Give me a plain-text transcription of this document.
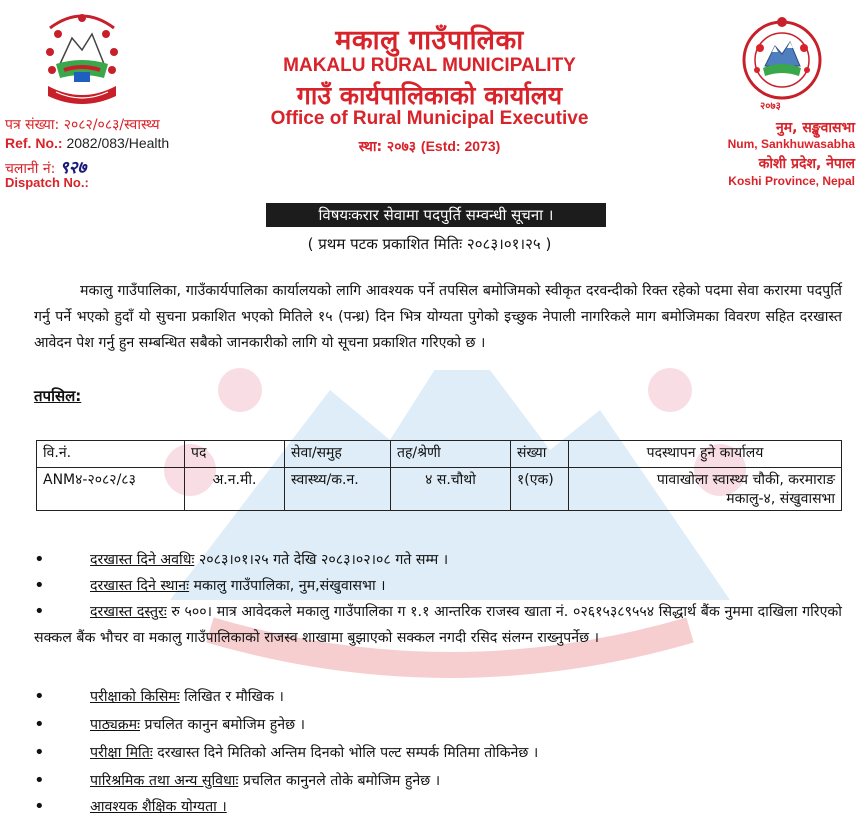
२०७३
मकालु गाउँपालिका
MAKALU RURAL MUNICIPALITY
गाउँ कार्यपालिकाको कार्यालय
Office of Rural Municipal Executive
स्था: २०७३ (Estd: 2073)
पत्र संख्या: २०८२/०८३/स्वास्थ्य
Ref. No.: 2082/083/Health
चलानी नं: ९२७
Dispatch No.:
नुम, सङ्खुवासभा
Num, Sankhuwasabha
कोशी प्रदेश, नेपाल
Koshi Province, Nepal
विषयःकरार सेवामा पदपुर्ति सम्वन्धी सूचना ।
( प्रथम पटक प्रकाशित मितिः २०८३।०१।२५ )
मकालु गाउँपालिका, गाउँकार्यपालिका कार्यालयको लागि आवश्यक पर्ने तपसिल बमोजिमको स्वीकृत दरवन्दीको रिक्त रहेको पदमा सेवा करारमा पदपुर्ति गर्नु पर्ने भएको हुदाँ यो सुचना प्रकाशित भएको मितिले १५ (पन्ध्र) दिन भित्र योग्यता पुगेको इच्छुक नेपाली नागरिकले माग बमोजिमका विवरण सहित दरखास्त आवेदन पेश गर्नु हुन सम्बन्धित सबैको जानकारीको लागि यो सूचना प्रकाशित गरिएको छ ।
तपसिल:
वि.नं.	पद	सेवा/समुह	तह/श्रेणी	संख्या	पदस्थापन हुने कार्यालय
ANM४-२०८२/८३	अ.न.मी.	स्वास्थ्य/क.न.	४ स.चौथो	१(एक)	पावाखोला स्वास्थ्य चौकी, करमाराङ
मकालु-४, संखुवासभा
•	दरखास्त दिने अवधिः २०८३।०१।२५ गते देखि २०८३।०२।०८ गते सम्म ।
•	दरखास्त दिने स्थानः मकालु गाउँपालिका, नुम,संखुवासभा ।
•	दरखास्त दस्तुरः रु ५००। मात्र आवेदकले मकालु गाउँपालिका ग १.१ आन्तरिक राजस्व खाता नं. ०२६१५३८९५५४ सिद्धार्थ बैंक नुममा दाखिला गरिएको सक्कल बैंक भौचर वा मकालु गाउँपालिकाको राजस्व शाखामा बुझाएको सक्कल नगदी रसिद संलग्न राख्नुपर्नेछ ।
•	परीक्षाको किसिमः लिखित र मौखिक ।
•	पाठ्यक्रमः प्रचलित कानुन बमोजिम हुनेछ ।
•	परीक्षा मितिः दरखास्त दिने मितिको अन्तिम दिनको भोलि पल्ट सम्पर्क मितिमा तोकिनेछ ।
•	पारिश्रमिक तथा अन्य सुविधाः प्रचलित कानुनले तोके बमोजिम हुनेछ ।
•	आवश्यक शैक्षिक योग्यता ।
